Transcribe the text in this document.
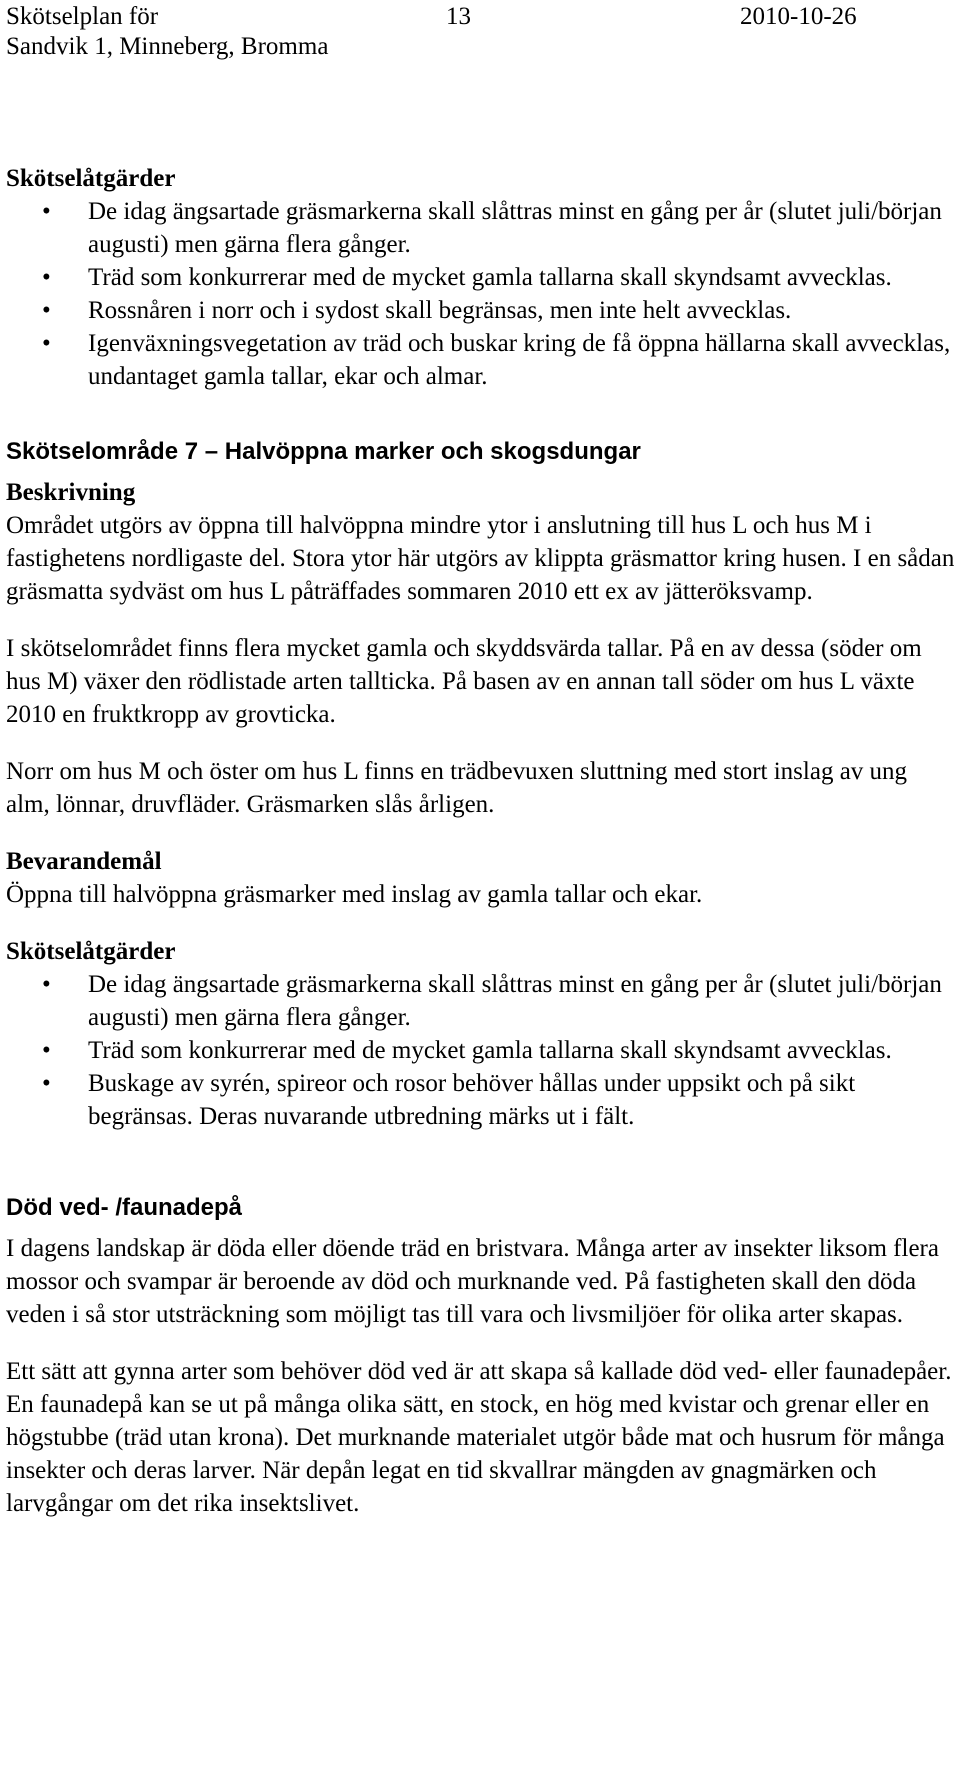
Skötselplan för
Sandvik 1, Minneberg, Bromma
13	2010-10-26

Skötselåtgärder

• De idag ängsartade gräsmarkerna skall slåttras minst en gång per år (slutet juli/början augusti) men gärna flera gånger.
• Träd som konkurrerar med de mycket gamla tallarna skall skyndsamt avvecklas.
• Rossnåren i norr och i sydost skall begränsas, men inte helt avvecklas.
• Igenväxningsvegetation av träd och buskar kring de få öppna hällarna skall avvecklas, undantaget gamla tallar, ekar och almar.

Skötselområde 7 – Halvöppna marker och skogsdungar

Beskrivning

Området utgörs av öppna till halvöppna mindre ytor i anslutning till hus L och hus M i fastighetens nordligaste del. Stora ytor här utgörs av klippta gräsmattor kring husen. I en sådan gräsmatta sydväst om hus L påträffades sommaren 2010 ett ex av jätteröksvamp.

I skötselområdet finns flera mycket gamla och skyddsvärda tallar. På en av dessa (söder om hus M) växer den rödlistade arten tallticka. På basen av en annan tall söder om hus L växte 2010 en fruktkropp av grovticka.

Norr om hus M och öster om hus L finns en trädbevuxen sluttning med stort inslag av ung alm, lönnar, druvfläder. Gräsmarken slås årligen.

Bevarandemål

Öppna till halvöppna gräsmarker med inslag av gamla tallar och ekar.

Skötselåtgärder

• De idag ängsartade gräsmarkerna skall slåttras minst en gång per år (slutet juli/början augusti) men gärna flera gånger.
• Träd som konkurrerar med de mycket gamla tallarna skall skyndsamt avvecklas.
• Buskage av syrén, spireor och rosor behöver hållas under uppsikt och på sikt begränsas. Deras nuvarande utbredning märks ut i fält.

Död ved- /faunadepå

I dagens landskap är döda eller döende träd en bristvara. Många arter av insekter liksom flera mossor och svampar är beroende av död och murknande ved. På fastigheten skall den döda veden i så stor utsträckning som möjligt tas till vara och livsmiljöer för olika arter skapas.

Ett sätt att gynna arter som behöver död ved är att skapa så kallade död ved- eller faunadepåer. En faunadepå kan se ut på många olika sätt, en stock, en hög med kvistar och grenar eller en högstubbe (träd utan krona). Det murknande materialet utgör både mat och husrum för många insekter och deras larver. När depån legat en tid skvallrar mängden av gnagmärken och larvgångar om det rika insektslivet.
